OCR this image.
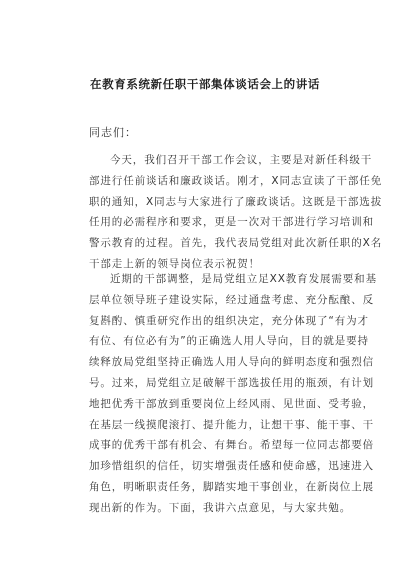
在教育系统新任职干部集体谈话会上的讲话
同志们：
今天，我们召开干部工作会议，主要是对新任科级干
部进行任前谈话和廉政谈话。刚才，X同志宣读了干部任免
职的通知，X同志与大家进行了廉政谈话。这既是干部选拔
任用的必需程序和要求，更是一次对干部进行学习培训和
警示教育的过程。首先，我代表局党组对此次新任职的X名
干部走上新的领导岗位表示祝贺！
近期的干部调整，是局党组立足XX教育发展需要和基
层单位领导班子建设实际，经过通盘考虑、充分酝酿、反
复斟酌、慎重研究作出的组织决定，充分体现了“有为才
有位、有位必有为”的正确选人用人导向，目的就是要持
续释放局党组坚持正确选人用人导向的鲜明态度和强烈信
号。过来，局党组立足破解干部选拔任用的瓶颈，有计划
地把优秀干部放到重要岗位上经风雨、见世面、受考验，
在基层一线摸爬滚打、提升能力，让想干事、能干事、干
成事的优秀干部有机会、有舞台。希望每一位同志都要倍
加珍惜组织的信任，切实增强责任感和使命感，迅速进入
角色，明晰职责任务，脚踏实地干事创业，在新岗位上展
现出新的作为。下面，我讲六点意见，与大家共勉。
